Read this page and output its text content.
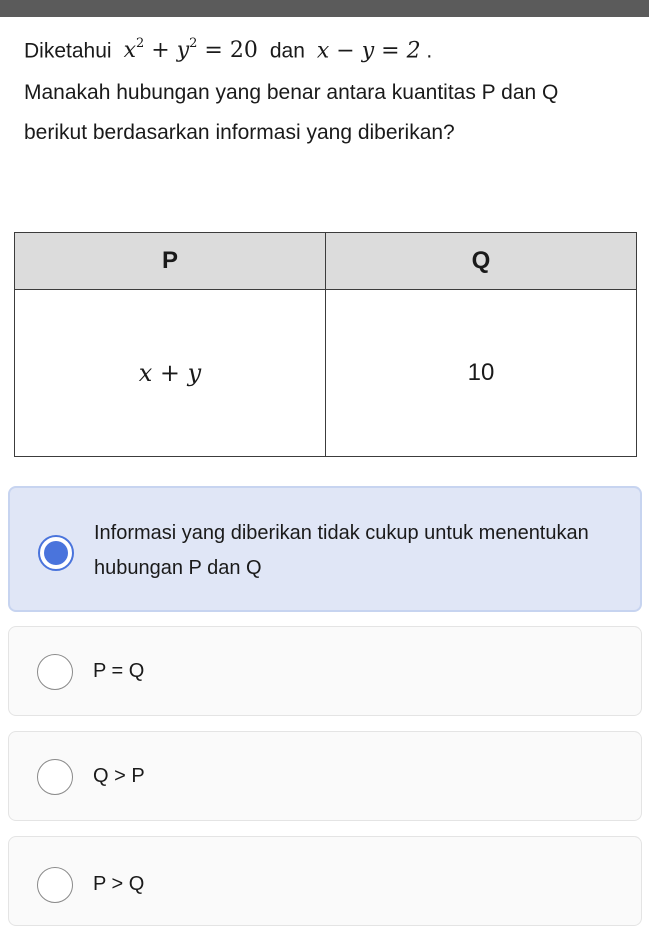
Diketahui $x^2 + y^2 = 20$ dan x − y = 2 .
Manakah hubungan yang benar antara kuantitas P dan Q berikut berdasarkan informasi yang diberikan?
P	Q
x + y	10
Informasi yang diberikan tidak cukup untuk menentukan hubungan P dan Q
P = Q
Q > P
P > Q
